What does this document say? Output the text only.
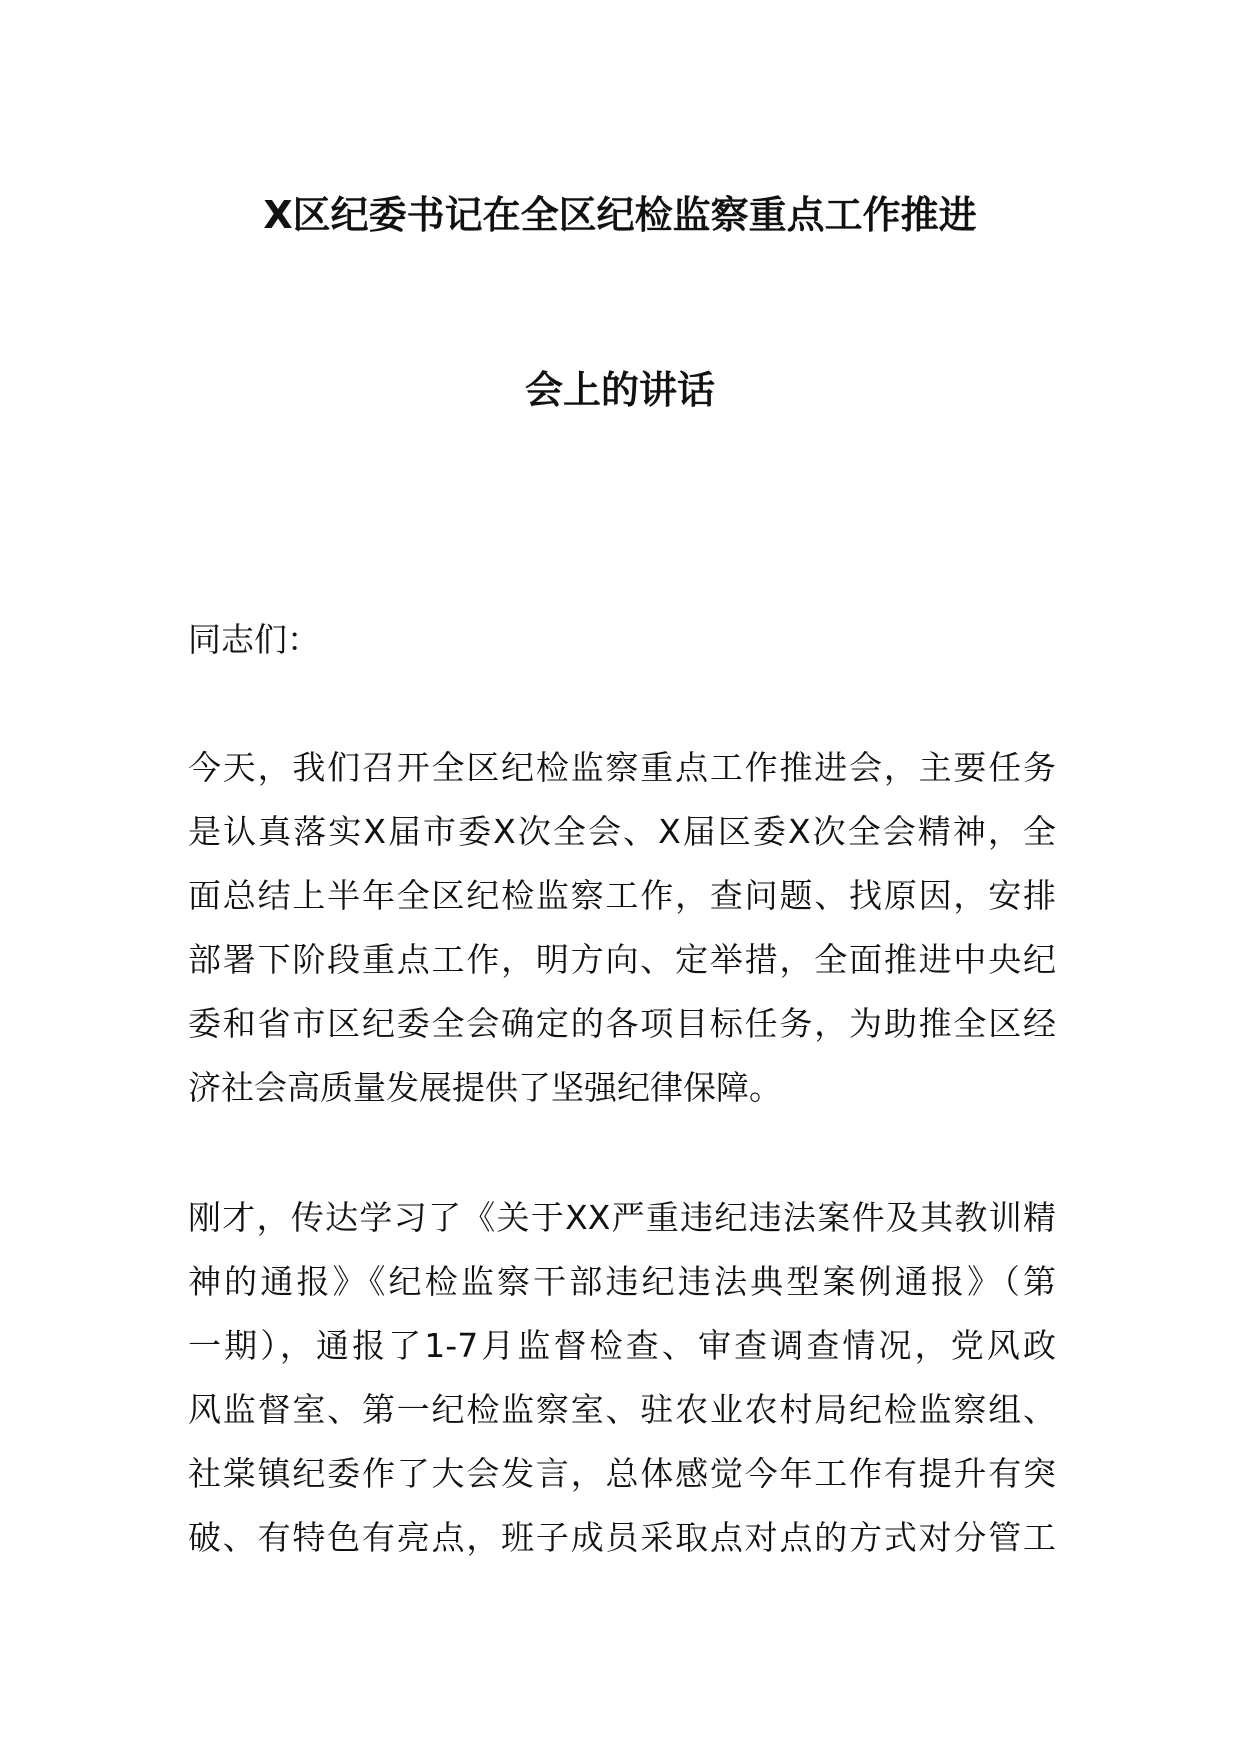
X区纪委书记在全区纪检监察重点工作推进
会上的讲话
同志们：
今天，我们召开全区纪检监察重点工作推进会，主要任务
是认真落实X届市委X次全会、X届区委X次全会精神，全
面总结上半年全区纪检监察工作，查问题、找原因，安排
部署下阶段重点工作，明方向、定举措，全面推进中央纪
委和省市区纪委全会确定的各项目标任务，为助推全区经
济社会高质量发展提供了坚强纪律保障。
刚才，传达学习了《关于XX严重违纪违法案件及其教训精
神的通报》《纪检监察干部违纪违法典型案例通报》（第
一期），通报了1-7月监督检查、审查调查情况，党风政
风监督室、第一纪检监察室、驻农业农村局纪检监察组、
社棠镇纪委作了大会发言，总体感觉今年工作有提升有突
破、有特色有亮点，班子成员采取点对点的方式对分管工
